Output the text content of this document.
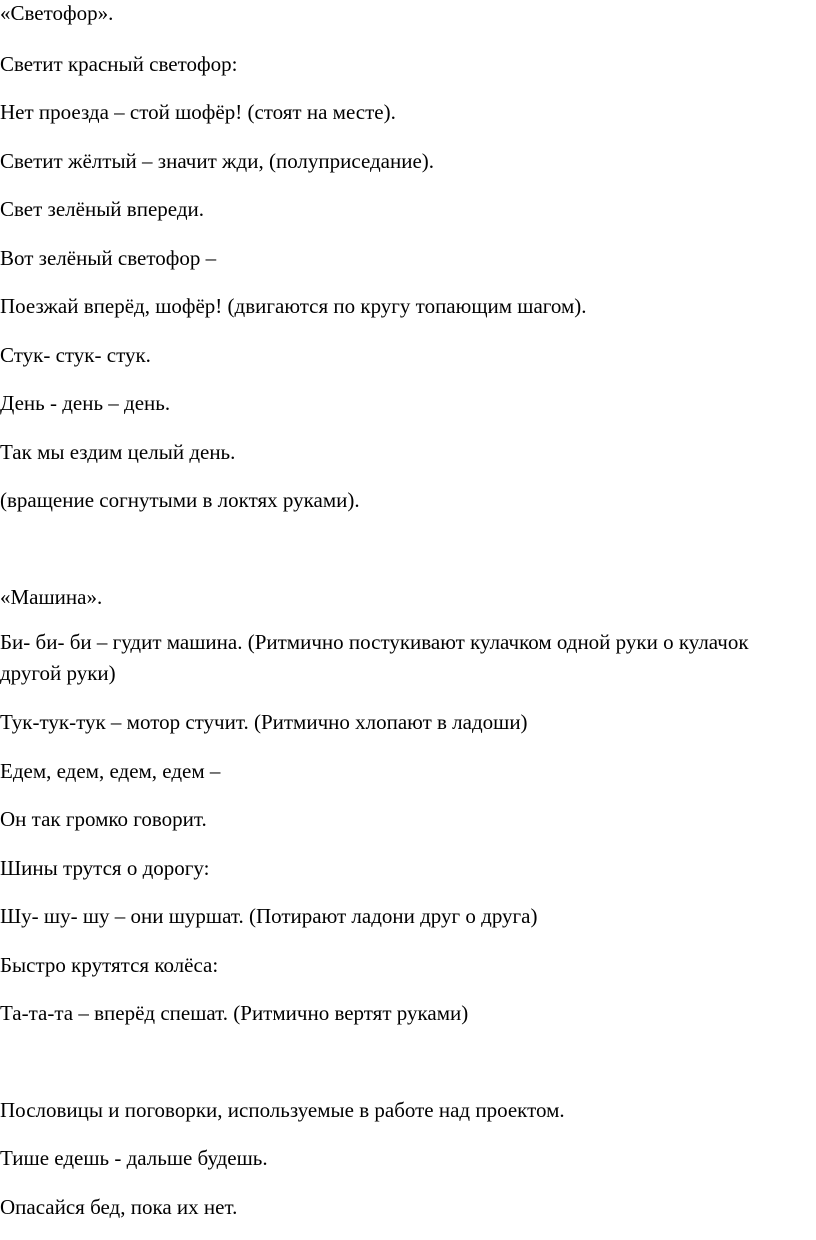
«Светофор».

Светит красный светофор:

Нет проезда – стой шофёр! (стоят на месте).

Светит жёлтый – значит жди, (полуприседание).

Свет зелёный впереди.

Вот зелёный светофор –

Поезжай вперёд, шофёр! (двигаются по кругу топающим шагом).

Стук- стук- стук.

День - день – день.

Так мы ездим целый день.

(вращение согнутыми в локтях руками).

«Машина».

Би- би- би – гудит машина. (Ритмично постукивают кулачком одной руки о кулачок другой руки)

Тук-тук-тук – мотор стучит. (Ритмично хлопают в ладоши)

Едем, едем, едем, едем –

Он так громко говорит.

Шины трутся о дорогу:

Шу- шу- шу – они шуршат. (Потирают ладони друг о друга)

Быстро крутятся колёса:

Та-та-та – вперёд спешат. (Ритмично вертят руками)

Пословицы и поговорки, используемые в работе над проектом.

Тише едешь - дальше будешь.

Опасайся бед, пока их нет.
